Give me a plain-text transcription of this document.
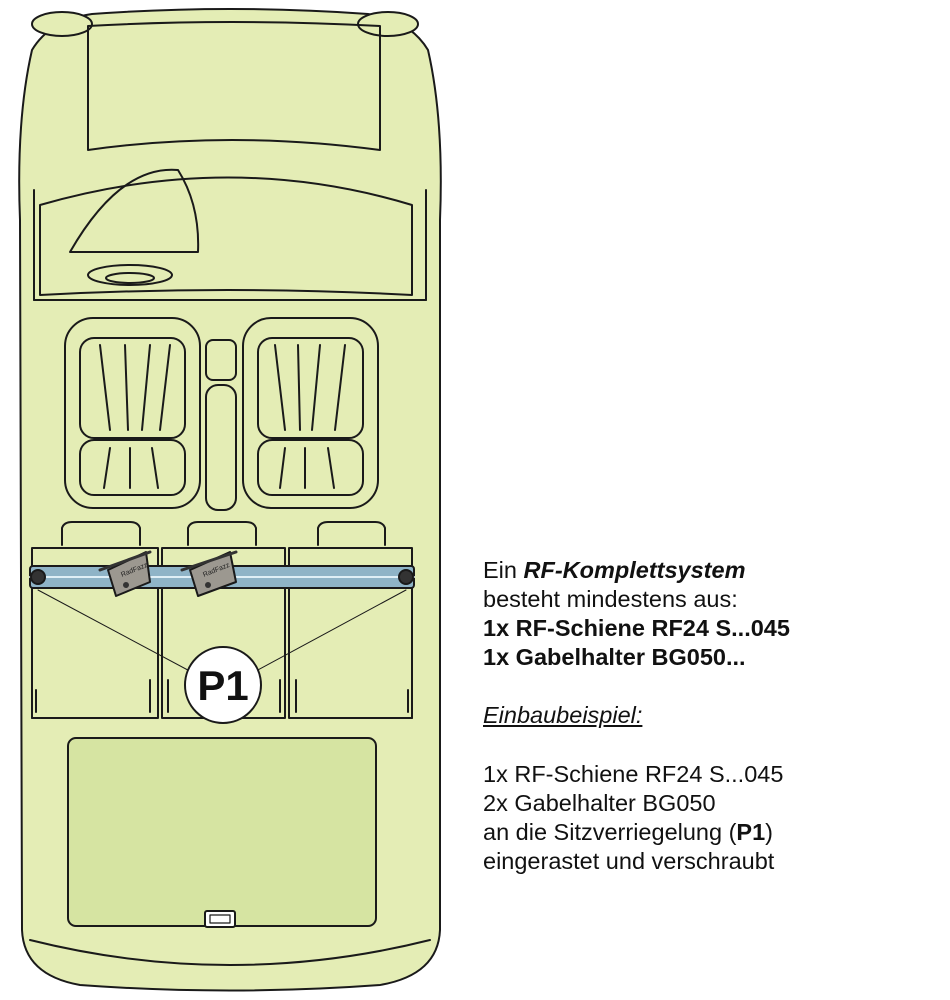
P1
RadFazz	RadFazz	Ein RF-Komplettsystem
besteht mindestens aus:
1x RF-Schiene RF24 S...045
1x Gabelhalter BG050...
Einbaubeispiel:
1x RF-Schiene RF24 S...045
2x Gabelhalter BG050
an die Sitzverriegelung (P1)
eingerastet und verschraubt
